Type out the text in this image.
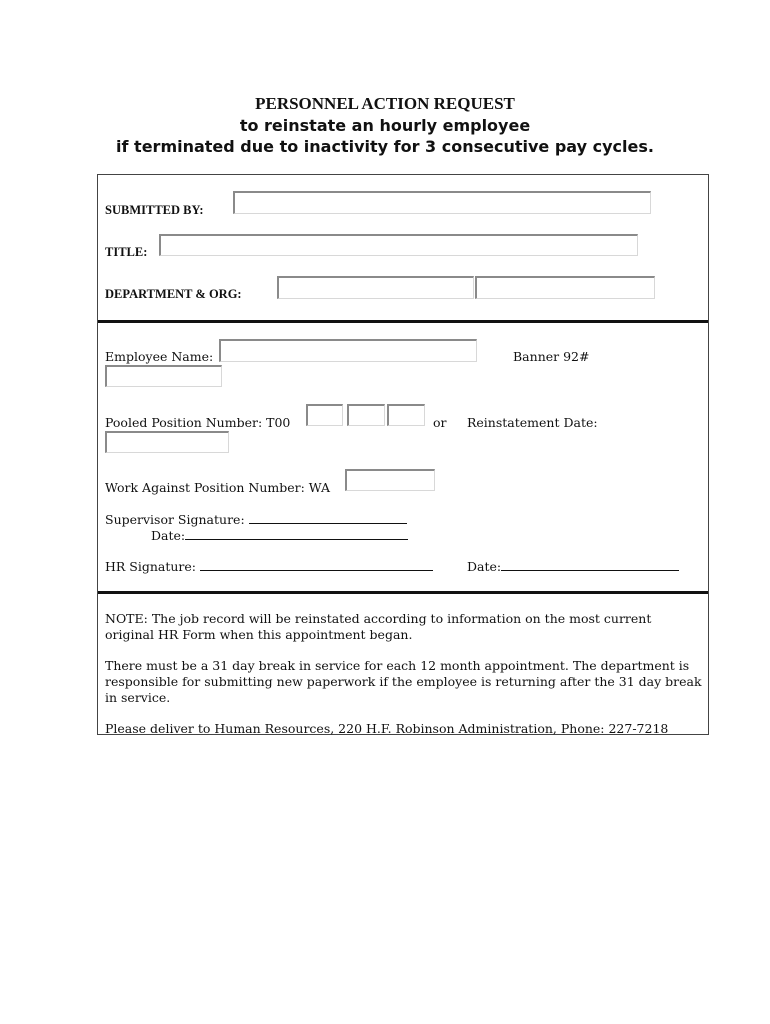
PERSONNEL ACTION REQUEST
to reinstate an hourly employee
if terminated due to inactivity for 3 consecutive pay cycles.
SUBMITTED BY:
TITLE:
DEPARTMENT & ORG:
Employee Name:	Banner 92#
Pooled Position Number: T00	or Reinstatement Date:
Work Against Position Number: WA
Supervisor Signature:
Date:
HR Signature:	Date:
NOTE: The job record will be reinstated according to information on the most current original HR Form when this appointment began.
There must be a 31 day break in service for each 12 month appointment. The department is responsible for submitting new paperwork if the employee is returning after the 31 day break in service.
Please deliver to Human Resources, 220 H.F. Robinson Administration, Phone: 227-7218
